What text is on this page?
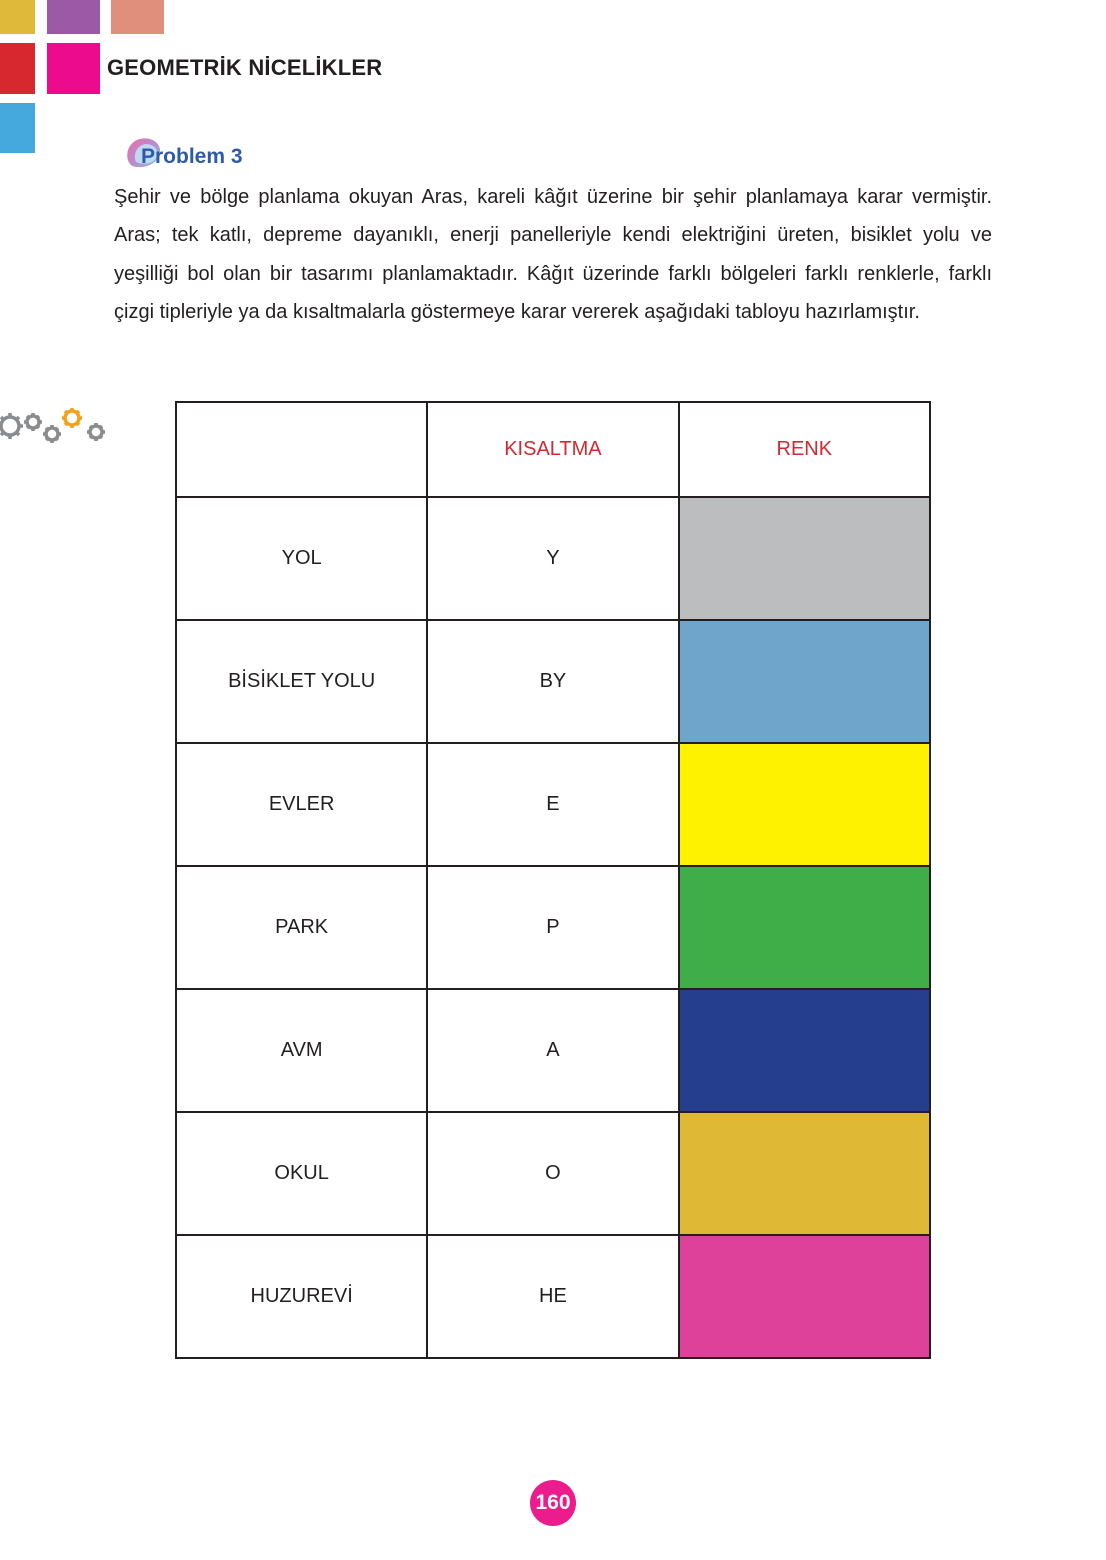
GEOMETRİK NİCELİKLER
Problem 3
Şehir ve bölge planlama okuyan Aras, kareli kâğıt üzerine bir şehir planlamaya karar vermiştir. Aras; tek katlı, depreme dayanıklı, enerji panelleriyle kendi elektriğini üreten, bisiklet yolu ve yeşilliği bol olan bir tasarımı planlamaktadır. Kâğıt üzerinde farklı bölgeleri farklı renklerle, farklı çizgi tipleriyle ya da kısaltmalarla göstermeye karar vererek aşağıdaki tabloyu hazırlamıştır.
	KISALTMA	RENK
YOL	Y	
BİSİKLET YOLU	BY	
EVLER	E	
PARK	P	
AVM	A	
OKUL	O	
HUZUREVİ	HE	
160
